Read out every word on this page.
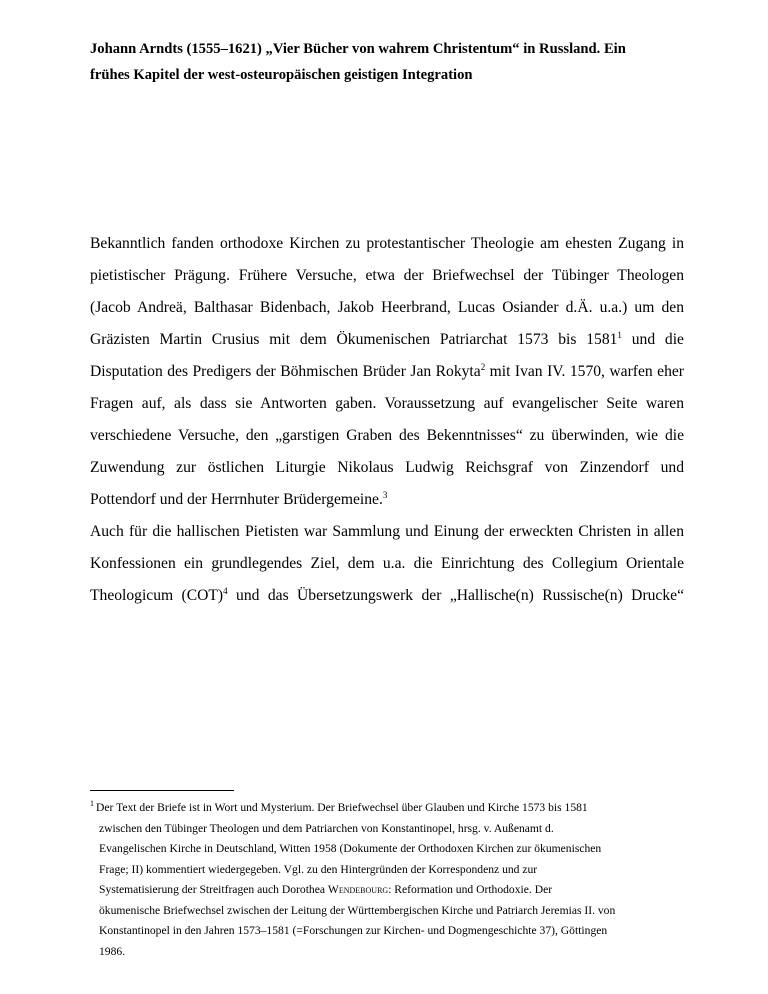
Johann Arndts (1555–1621) „Vier Bücher von wahrem Christentum“ in Russland. Ein
frühes Kapitel der west-osteuropäischen geistigen Integration
Bekanntlich fanden orthodoxe Kirchen zu protestantischer Theologie am ehesten Zugang in
pietistischer Prägung. Frühere Versuche, etwa der Briefwechsel der Tübinger Theologen
(Jacob Andreä, Balthasar Bidenbach, Jakob Heerbrand, Lucas Osiander d.Ä. u.a.) um den
Gräzisten Martin Crusius mit dem Ökumenischen Patriarchat 1573 bis 1581$^1$ und die
Disputation des Predigers der Böhmischen Brüder Jan Rokyta$^2$ mit Ivan IV. 1570, warfen eher
Fragen auf, als dass sie Antworten gaben. Voraussetzung auf evangelischer Seite waren
verschiedene Versuche, den „garstigen Graben des Bekenntnisses“ zu überwinden, wie die
Zuwendung zur östlichen Liturgie Nikolaus Ludwig Reichsgraf von Zinzendorf und
Pottendorf und der Herrnhuter Brüdergemeine.$^3$
Auch für die hallischen Pietisten war Sammlung und Einung der erweckten Christen in allen
Konfessionen ein grundlegendes Ziel, dem u.a. die Einrichtung des Collegium Orientale
Theologicum (COT)$^4$ und das Übersetzungswerk der „Hallische(n) Russische(n) Drucke“
$^1$ Der Text der Briefe ist in Wort und Mysterium. Der Briefwechsel über Glauben und Kirche 1573 bis 1581
zwischen den Tübinger Theologen und dem Patriarchen von Konstantinopel, hrsg. v. Außenamt d.
Evangelischen Kirche in Deutschland, Witten 1958 (Dokumente der Orthodoxen Kirchen zur ökumenischen
Frage; II) kommentiert wiedergegeben. Vgl. zu den Hintergründen der Korrespondenz und zur
Systematisierung der Streitfragen auch Dorothea Wendebourg: Reformation und Orthodoxie. Der
ökumenische Briefwechsel zwischen der Leitung der Württembergischen Kirche und Patriarch Jeremias II. von
Konstantinopel in den Jahren 1573–1581 (=Forschungen zur Kirchen- und Dogmengeschichte 37), Göttingen
1986.
